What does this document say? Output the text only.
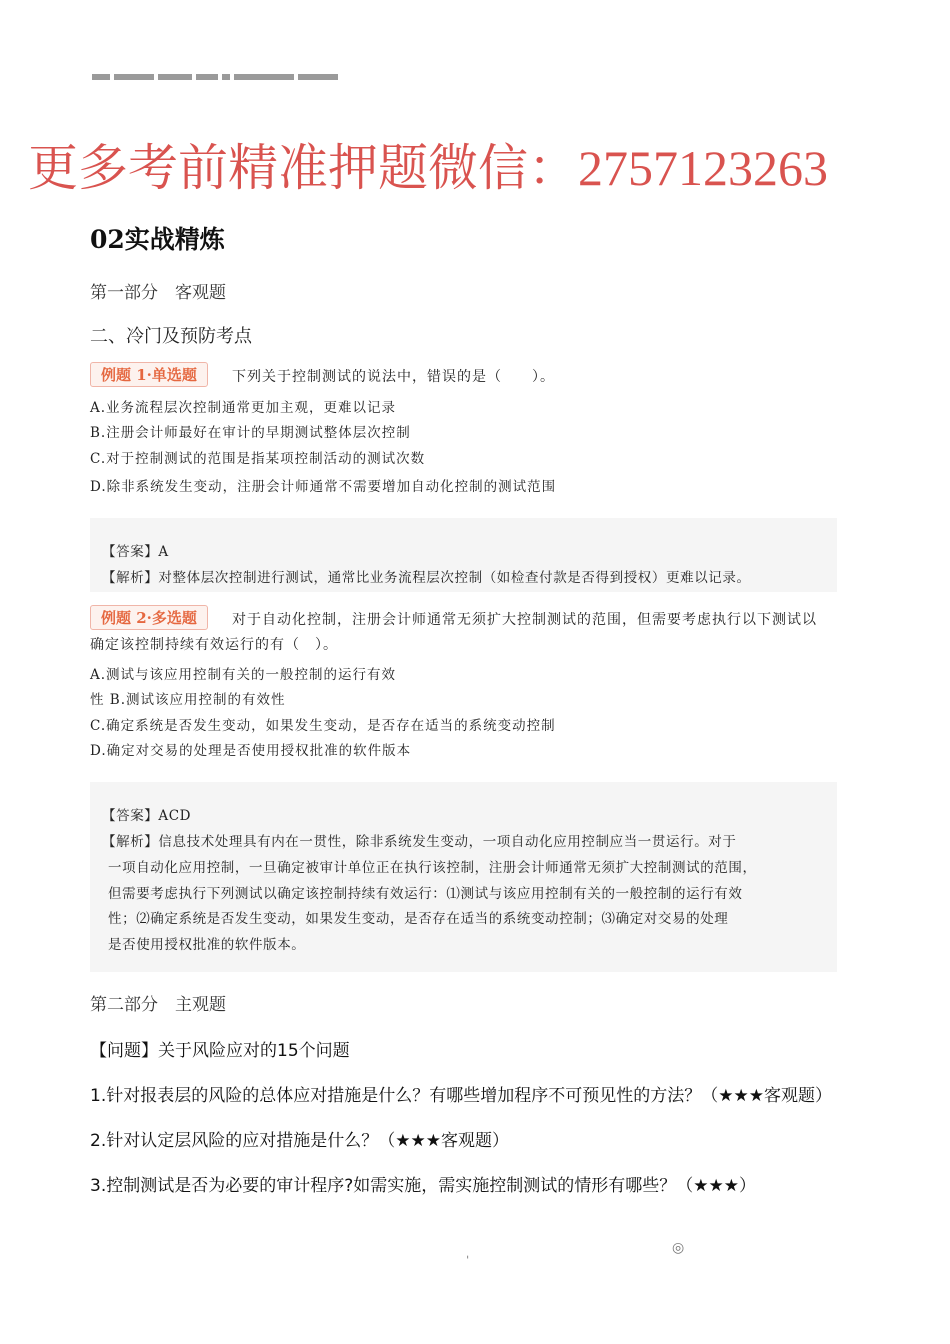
更多考前精准押题微信：2757123263
02实战精炼
第一部分　客观题
二、冷门及预防考点
例题 1·单选题	下列关于控制测试的说法中，错误的是（　　）。
A.业务流程层次控制通常更加主观，更难以记录
B.注册会计师最好在审计的早期测试整体层次控制
C.对于控制测试的范围是指某项控制活动的测试次数
D.除非系统发生变动，注册会计师通常不需要增加自动化控制的测试范围
【答案】A
【解析】对整体层次控制进行测试，通常比业务流程层次控制（如检查付款是否得到授权）更难以记录。
例题 2·多选题	对于自动化控制，注册会计师通常无须扩大控制测试的范围，但需要考虑执行以下测试以
确定该控制持续有效运行的有（　）。
A.测试与该应用控制有关的一般控制的运行有效
性 B.测试该应用控制的有效性
C.确定系统是否发生变动，如果发生变动，是否存在适当的系统变动控制
D.确定对交易的处理是否使用授权批准的软件版本
【答案】ACD
【解析】信息技术处理具有内在一贯性，除非系统发生变动，一项自动化应用控制应当一贯运行。对于
一项自动化应用控制，一旦确定被审计单位正在执行该控制，注册会计师通常无须扩大控制测试的范围，
但需要考虑执行下列测试以确定该控制持续有效运行：⑴测试与该应用控制有关的一般控制的运行有效
性；⑵确定系统是否发生变动，如果发生变动，是否存在适当的系统变动控制；⑶确定对交易的处理
是否使用授权批准的软件版本。
第二部分　主观题
【问题】关于风险应对的15个问题
1.针对报表层的风险的总体应对措施是什么？有哪些增加程序不可预见性的方法？（★★★客观题）
2.针对认定层风险的应对措施是什么？（★★★客观题）
3.控制测试是否为必要的审计程序?如需实施，需实施控制测试的情形有哪些？（★★★）
ˌ	◎
